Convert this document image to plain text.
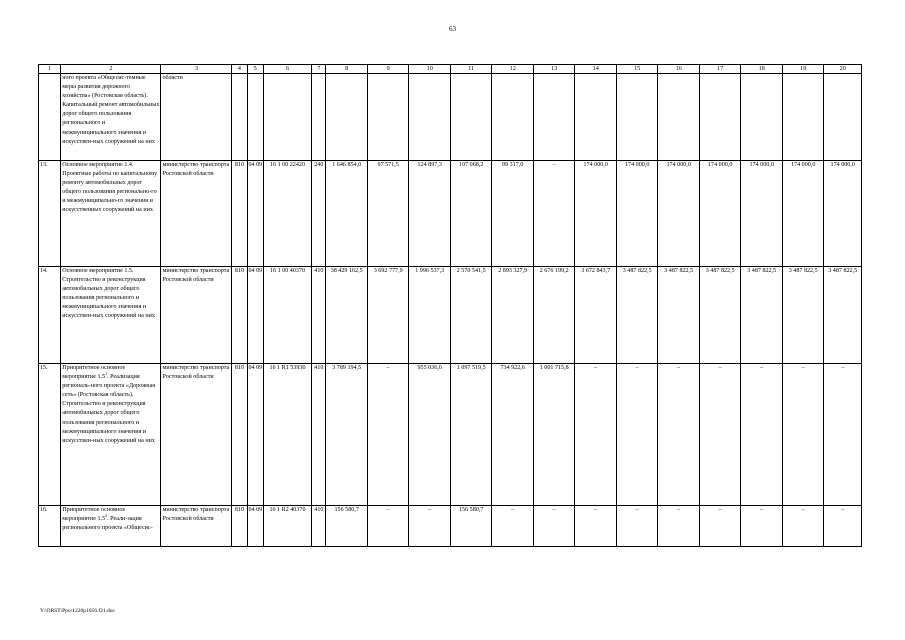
63
1	2	3	4	5	6	7	8	9	10	11	12	13	14	15	16	17	18	19	20
	ного проекта «Общесис-темные меры развития дорожного хозяйства» (Ростовская область). Капитальный ремонт автомобильных дорог общего пользования регионального и межмуниципального значения и искусствен-ных сооружений на них	области																	
13.	Основное мероприятие 1.4. Проектные работы по капитальному ремонту автомобильных дорог общего пользования регионально-го и межмуниципально-го значения и искусственных сооружений на них	министерство транспорта Ростовской области	810	04 09	16 1 00 22420	240	1 646 854,0	97 571,5	124 897,3	107 068,2	99 317,0	–	174 000,0	174 000,0	174 000,0	174 000,0	174 000,0	174 000,0	174 000,0
14.	Основное мероприятие 1.5. Строительство и реконструкция автомобильных дорог общего пользования регионального и межмуниципального значения и искусствен-ных сооружений на них	министерство транспорта Ростовской области	810	04 09	16 1 00 40370	410	38 429 162,5	3 692 777,9	1 996 537,3	2 570 541,5	2 893 327,9	2 676 199,2	3 672 843,7	3 487 822,5	3 487 822,5	3 487 822,5	3 487 822,5	3 487 822,5	3 487 822,5
15.	Приоритетное основное мероприятие $1.5^1$. Реализация региональ-ного проекта «Дорожная сеть» (Ростовская область). Строительство и реконструкция автомобильных дорог общего пользования регионального и межмуниципального значения и искусствен-ных сооружений на них	министерство транспорта Ростовской области	810	04 09	16 1 R1 53930	410	3 789 194,5	–	955 036,6	1 097 519,5	734 922,6	1 001 715,8	–	–	–	–	–	–	–
16.	Приоритетное основное мероприятие $1.5^2$. Реали-зация регионального проекта «Общесис-	министерство транспорта Ростовской области	810	04 09	16 1 R2 40370	410	156 580,7	–	–	156 580,7	–	–	–	–	–	–	–	–	–
Y:\ORST\Ppo\1220p1056.f21.doc
